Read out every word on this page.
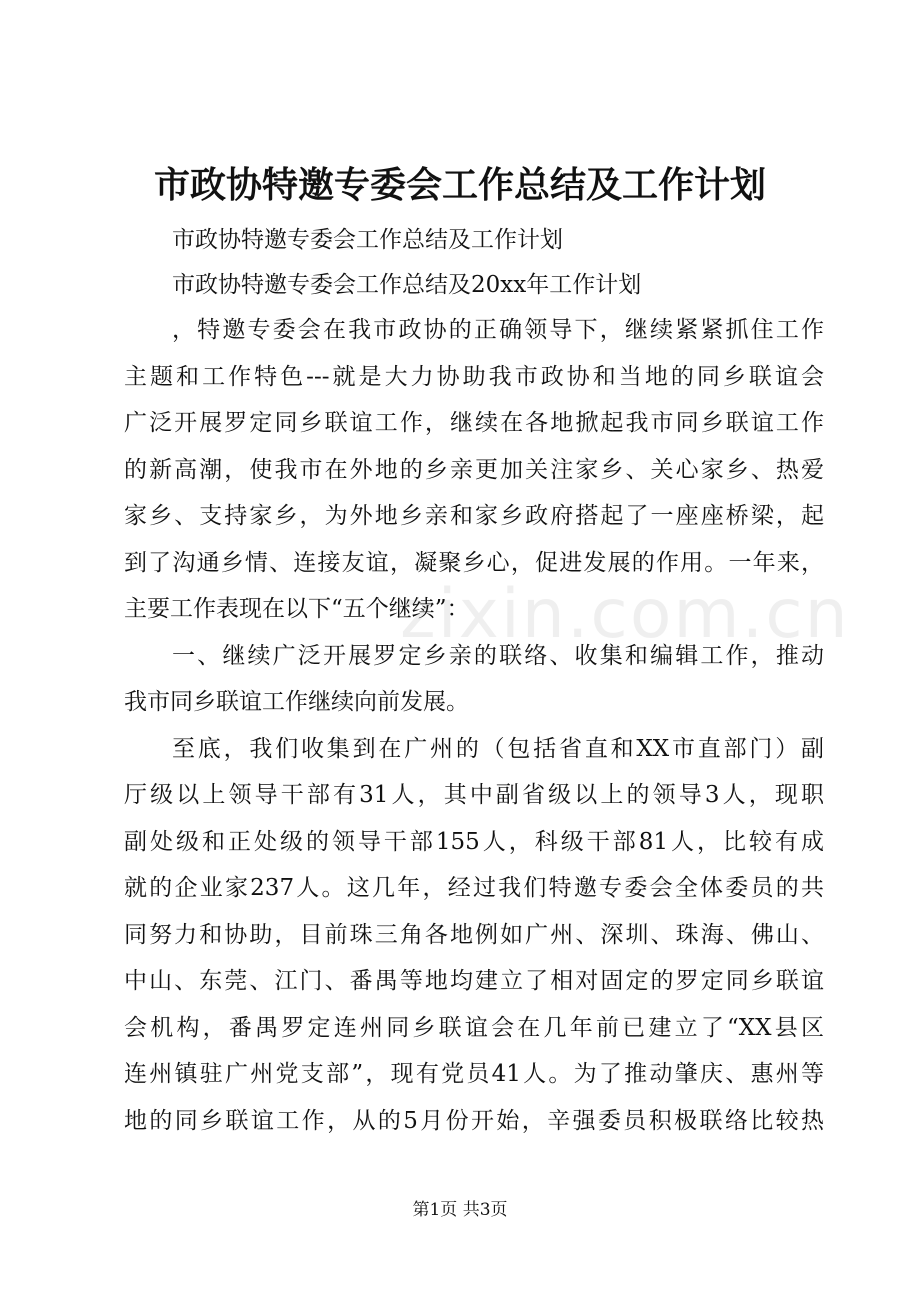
市政协特邀专委会工作总结及工作计划
市政协特邀专委会工作总结及工作计划
市政协特邀专委会工作总结及20xx年工作计划
，特邀专委会在我市政协的正确领导下，继续紧紧抓住工作
主题和工作特色---就是大力协助我市政协和当地的同乡联谊会
广泛开展罗定同乡联谊工作，继续在各地掀起我市同乡联谊工作
的新高潮，使我市在外地的乡亲更加关注家乡、关心家乡、热爱
家乡、支持家乡，为外地乡亲和家乡政府搭起了一座座桥梁，起
到了沟通乡情、连接友谊，凝聚乡心，促进发展的作用。一年来，
主要工作表现在以下“五个继续”：
一、继续广泛开展罗定乡亲的联络、收集和编辑工作，推动
我市同乡联谊工作继续向前发展。
至底，我们收集到在广州的（包括省直和XX市直部门）副
厅级以上领导干部有31人，其中副省级以上的领导3人，现职
副处级和正处级的领导干部155人，科级干部81人，比较有成
就的企业家237人。这几年，经过我们特邀专委会全体委员的共
同努力和协助，目前珠三角各地例如广州、深圳、珠海、佛山、
中山、东莞、江门、番禺等地均建立了相对固定的罗定同乡联谊
会机构，番禺罗定连州同乡联谊会在几年前已建立了“XX县区
连州镇驻广州党支部”，现有党员41人。为了推动肇庆、惠州等
地的同乡联谊工作，从的5月份开始，辛强委员积极联络比较热
zixin.com.cn
第1页 共3页
